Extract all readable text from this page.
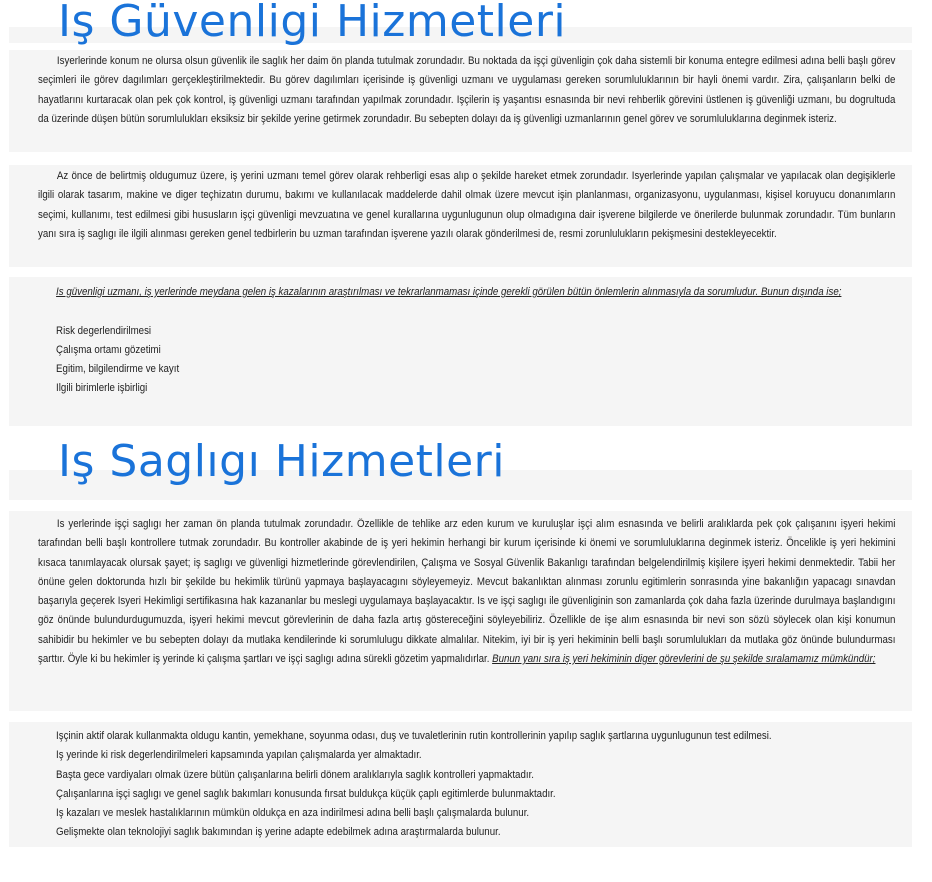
Iş Güvenligi Hizmetleri

Isyerlerinde konum ne olursa olsun güvenlik ile saglık her daim ön planda tutulmak zorundadır. Bu noktada da işçi güvenligin çok daha sistemli bir konuma entegre edilmesi adına belli başlı görev seçimleri ile görev dagılımları gerçekleştirilmektedir. Bu görev dagılımları içerisinde iş güvenligi uzmanı ve uygulaması gereken sorumluluklarının bir hayli önemi vardır. Zira, çalışanların belki de hayatlarını kurtaracak olan pek çok kontrol, iş güvenligi uzmanı tarafından yapılmak zorundadır. Işçilerin iş yaşantısı esnasında bir nevi rehberlik görevini üstlenen iş güvenliği uzmanı, bu dogrultuda da üzerinde düşen bütün sorumlulukları eksiksiz bir şekilde yerine getirmek zorundadır. Bu sebepten dolayı da iş güvenligi uzmanlarının genel görev ve sorumluluklarına deginmek isteriz.

Az önce de belirtmiş oldugumuz üzere, iş yerini uzmanı temel görev olarak rehberligi esas alıp o şekilde hareket etmek zorundadır. Isyerlerinde yapılan çalışmalar ve yapılacak olan degişiklerle ilgili olarak tasarım, makine ve diger teçhizatın durumu, bakımı ve kullanılacak maddelerde dahil olmak üzere mevcut işin planlanması, organizasyonu, uygulanması, kişisel koruyucu donanımların seçimi, kullanımı, test edilmesi gibi hususların işçi güvenligi mevzuatına ve genel kurallarına uygunlugunun olup olmadıgına dair işverene bilgilerde ve önerilerde bulunmak zorundadır. Tüm bunların yanı sıra iş saglıgı ile ilgili alınması gereken genel tedbirlerin bu uzman tarafından işverene yazılı olarak gönderilmesi de, resmi zorunlulukların pekişmesini destekleyecektir.

Is güvenligi uzmanı, iş yerlerinde meydana gelen iş kazalarının araştırılması ve tekrarlanmaması içinde gerekli görülen bütün önlemlerin alınmasıyla da sorumludur. Bunun dışında ise;

Risk degerlendirilmesi
Çalışma ortamı gözetimi
Egitim, bilgilendirme ve kayıt
Ilgili birimlerle işbirligi
Iş Saglıgı Hizmetleri

Is yerlerinde işçi saglıgı her zaman ön planda tutulmak zorundadır. Özellikle de tehlike arz eden kurum ve kuruluşlar işçi alım esnasında ve belirli aralıklarda pek çok çalışanını işyeri hekimi tarafından belli başlı kontrollere tutmak zorundadır. Bu kontroller akabinde de iş yeri hekimin herhangi bir kurum içerisinde ki önemi ve sorumluluklarına deginmek isteriz. Öncelikle iş yeri hekimini kısaca tanımlayacak olursak şayet; iş saglıgı ve güvenligi hizmetlerinde görevlendirilen, Çalışma ve Sosyal Güvenlik Bakanlıgı tarafından belgelendirilmiş kişilere işyeri hekimi denmektedir. Tabii her önüne gelen doktorunda hızlı bir şekilde bu hekimlik türünü yapmaya başlayacagını söyleyemeyiz. Mevcut bakanlıktan alınması zorunlu egitimlerin sonrasında yine bakanlığın yapacagı sınavdan başarıyla geçerek Isyeri Hekimligi sertifikasına hak kazananlar bu meslegi uygulamaya başlayacaktır. Is ve işçi saglıgı ile güvenliginin son zamanlarda çok daha fazla üzerinde durulmaya başlandıgını göz önünde bulundurdugumuzda, işyeri hekimi mevcut görevlerinin de daha fazla artış göstereceğini söyleyebiliriz. Özellikle de işe alım esnasında bir nevi son sözü söylecek olan kişi konumun sahibidir bu hekimler ve bu sebepten dolayı da mutlaka kendilerinde ki sorumlulugu dikkate almalılar. Nitekim, iyi bir iş yeri hekiminin belli başlı sorumlulukları da mutlaka göz önünde bulundurması şarttır. Öyle ki bu hekimler iş yerinde ki çalışma şartları ve işçi saglıgı adına sürekli gözetim yapmalıdırlar. Bunun yanı sıra iş yeri hekiminin diger görevlerini de şu şekilde sıralamamız mümkündür;

Işçinin aktif olarak kullanmakta oldugu kantin, yemekhane, soyunma odası, duş ve tuvaletlerinin rutin kontrollerinin yapılıp saglık şartlarına uygunlugunun test edilmesi.
Iş yerinde ki risk degerlendirilmeleri kapsamında yapılan çalışmalarda yer almaktadır.
Başta gece vardiyaları olmak üzere bütün çalışanlarına belirli dönem aralıklarıyla saglık kontrolleri yapmaktadır.
Çalışanlarına işçi saglıgı ve genel saglık bakımları konusunda fırsat buldukça küçük çaplı egitimlerde bulunmaktadır.
Iş kazaları ve meslek hastalıklarının mümkün oldukça en aza indirilmesi adına belli başlı çalışmalarda bulunur.
Gelişmekte olan teknolojiyi saglık bakımından iş yerine adapte edebilmek adına araştırmalarda bulunur.
